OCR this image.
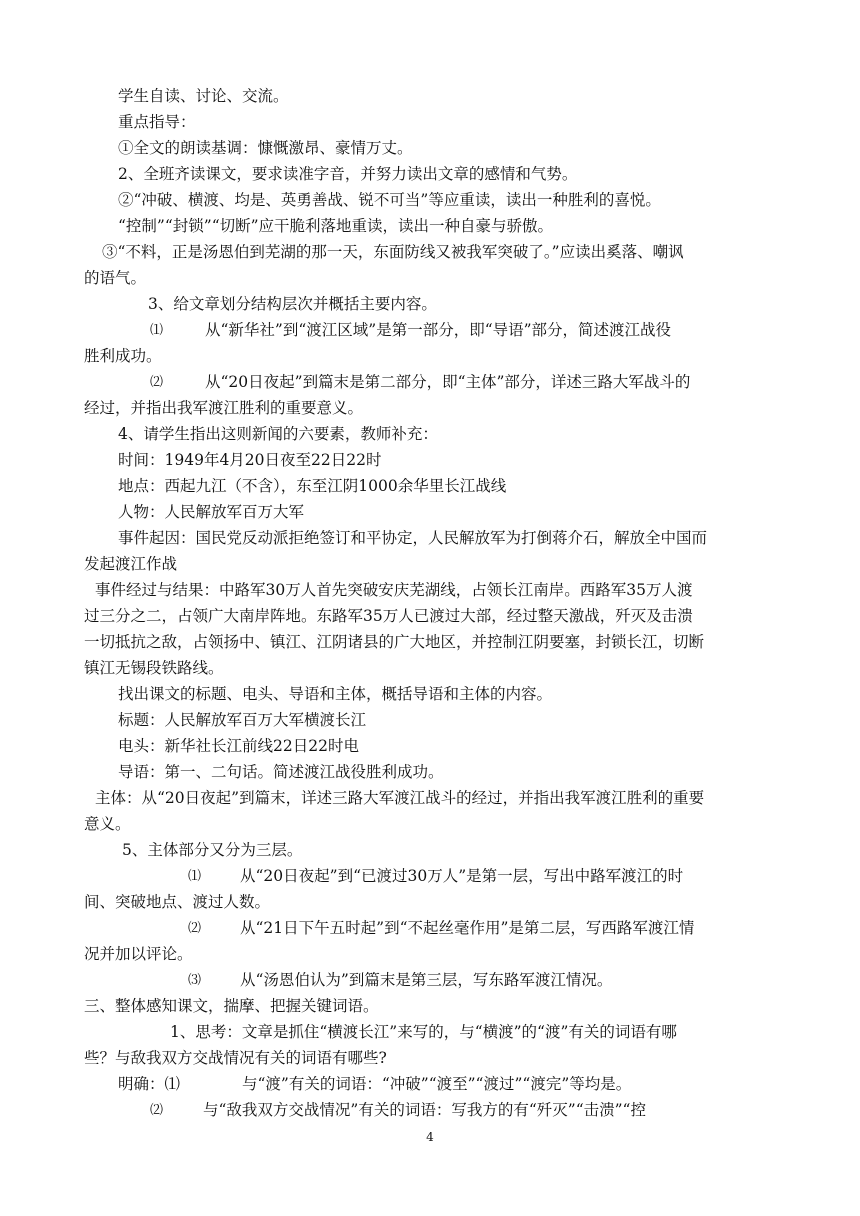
学生自读、讨论、交流。
重点指导：
①全文的朗读基调：慷慨激昂、豪情万丈。
2、全班齐读课文，要求读准字音，并努力读出文章的感情和气势。
②“冲破、横渡、均是、英勇善战、锐不可当”等应重读，读出一种胜利的喜悦。
“控制”“封锁”“切断”应干脆利落地重读，读出一种自豪与骄傲。
③“不料，正是汤恩伯到芜湖的那一天，东面防线又被我军突破了。”应读出奚落、嘲讽
的语气。
3、给文章划分结构层次并概括主要内容。
⑴	从“新华社”到“渡江区域”是第一部分，即“导语”部分，简述渡江战役
胜利成功。
⑵	从“20日夜起”到篇末是第二部分，即“主体”部分，详述三路大军战斗的
经过，并指出我军渡江胜利的重要意义。
4、请学生指出这则新闻的六要素，教师补充：
时间：1949年4月20日夜至22日22时
地点：西起九江（不含），东至江阴1000余华里长江战线
人物：人民解放军百万大军
事件起因：国民党反动派拒绝签订和平协定，人民解放军为打倒蒋介石，解放全中国而
发起渡江作战
事件经过与结果：中路军30万人首先突破安庆芜湖线，占领长江南岸。西路军35万人渡
过三分之二，占领广大南岸阵地。东路军35万人已渡过大部，经过整天激战，歼灭及击溃
一切抵抗之敌，占领扬中、镇江、江阴诸县的广大地区，并控制江阴要塞，封锁长江，切断
镇江无锡段铁路线。
找出课文的标题、电头、导语和主体，概括导语和主体的内容。
标题：人民解放军百万大军横渡长江
电头：新华社长江前线22日22时电
导语：第一、二句话。简述渡江战役胜利成功。
主体：从“20日夜起”到篇末，详述三路大军渡江战斗的经过，并指出我军渡江胜利的重要
意义。
5、主体部分又分为三层。
⑴	从“20日夜起”到“已渡过30万人”是第一层，写出中路军渡江的时
间、突破地点、渡过人数。
⑵	从“21日下午五时起”到“不起丝毫作用”是第二层，写西路军渡江情
况并加以评论。
⑶	从“汤恩伯认为”到篇末是第三层，写东路军渡江情况。
三、整体感知课文，揣摩、把握关键词语。
1、思考：文章是抓住“横渡长江”来写的，与“横渡”的“渡”有关的词语有哪
些？与敌我双方交战情况有关的词语有哪些?
明确：⑴	与“渡”有关的词语：“冲破”“渡至”“渡过”“渡完”等均是。
⑵	与“敌我双方交战情况”有关的词语：写我方的有“歼灭”“击溃”“控
4
